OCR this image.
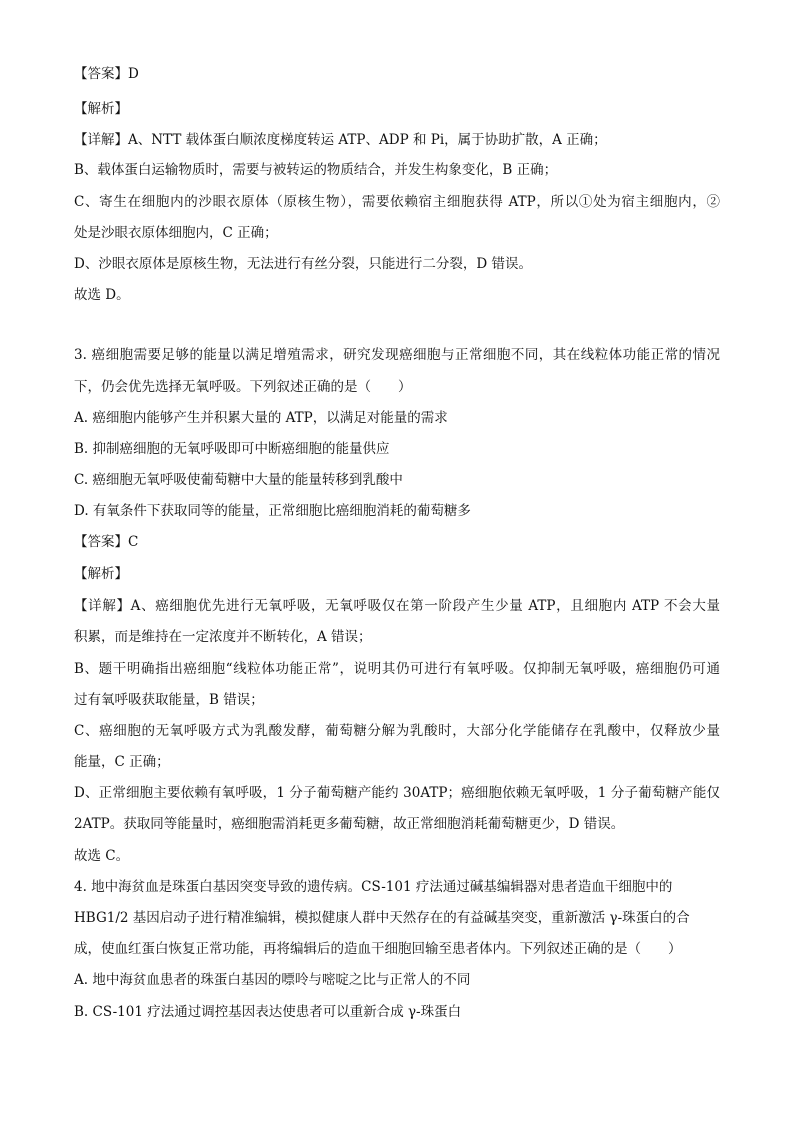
【答案】D
【解析】
【详解】A、NTT 载体蛋白顺浓度梯度转运 ATP、ADP 和 Pi，属于协助扩散，A 正确；
B、载体蛋白运输物质时，需要与被转运的物质结合，并发生构象变化，B 正确；
C、寄生在细胞内的沙眼衣原体（原核生物），需要依赖宿主细胞获得 ATP，所以①处为宿主细胞内，②
处是沙眼衣原体细胞内，C 正确；
D、沙眼衣原体是原核生物，无法进行有丝分裂，只能进行二分裂，D 错误。
故选 D。
3. 癌细胞需要足够的能量以满足增殖需求，研究发现癌细胞与正常细胞不同，其在线粒体功能正常的情况
下，仍会优先选择无氧呼吸。下列叙述正确的是（　　）
A. 癌细胞内能够产生并积累大量的 ATP，以满足对能量的需求
B. 抑制癌细胞的无氧呼吸即可中断癌细胞的能量供应
C. 癌细胞无氧呼吸使葡萄糖中大量的能量转移到乳酸中
D. 有氧条件下获取同等的能量，正常细胞比癌细胞消耗的葡萄糖多
【答案】C
【解析】
【详解】A、癌细胞优先进行无氧呼吸，无氧呼吸仅在第一阶段产生少量 ATP，且细胞内 ATP 不会大量
积累，而是维持在一定浓度并不断转化，A 错误；
B、题干明确指出癌细胞“线粒体功能正常”，说明其仍可进行有氧呼吸。仅抑制无氧呼吸，癌细胞仍可通
过有氧呼吸获取能量，B 错误；
C、癌细胞的无氧呼吸方式为乳酸发酵，葡萄糖分解为乳酸时，大部分化学能储存在乳酸中，仅释放少量
能量，C 正确；
D、正常细胞主要依赖有氧呼吸，1 分子葡萄糖产能约 30ATP；癌细胞依赖无氧呼吸，1 分子葡萄糖产能仅
2ATP。获取同等能量时，癌细胞需消耗更多葡萄糖，故正常细胞消耗葡萄糖更少，D 错误。
故选 C。
4. 地中海贫血是珠蛋白基因突变导致的遗传病。CS-101 疗法通过碱基编辑器对患者造血干细胞中的
HBG1/2 基因启动子进行精准编辑，模拟健康人群中天然存在的有益碱基突变，重新激活 γ-珠蛋白的合
成，使血红蛋白恢复正常功能，再将编辑后的造血干细胞回输至患者体内。下列叙述正确的是（　　）
A. 地中海贫血患者的珠蛋白基因的嘌呤与嘧啶之比与正常人的不同
B. CS-101 疗法通过调控基因表达使患者可以重新合成 γ-珠蛋白
